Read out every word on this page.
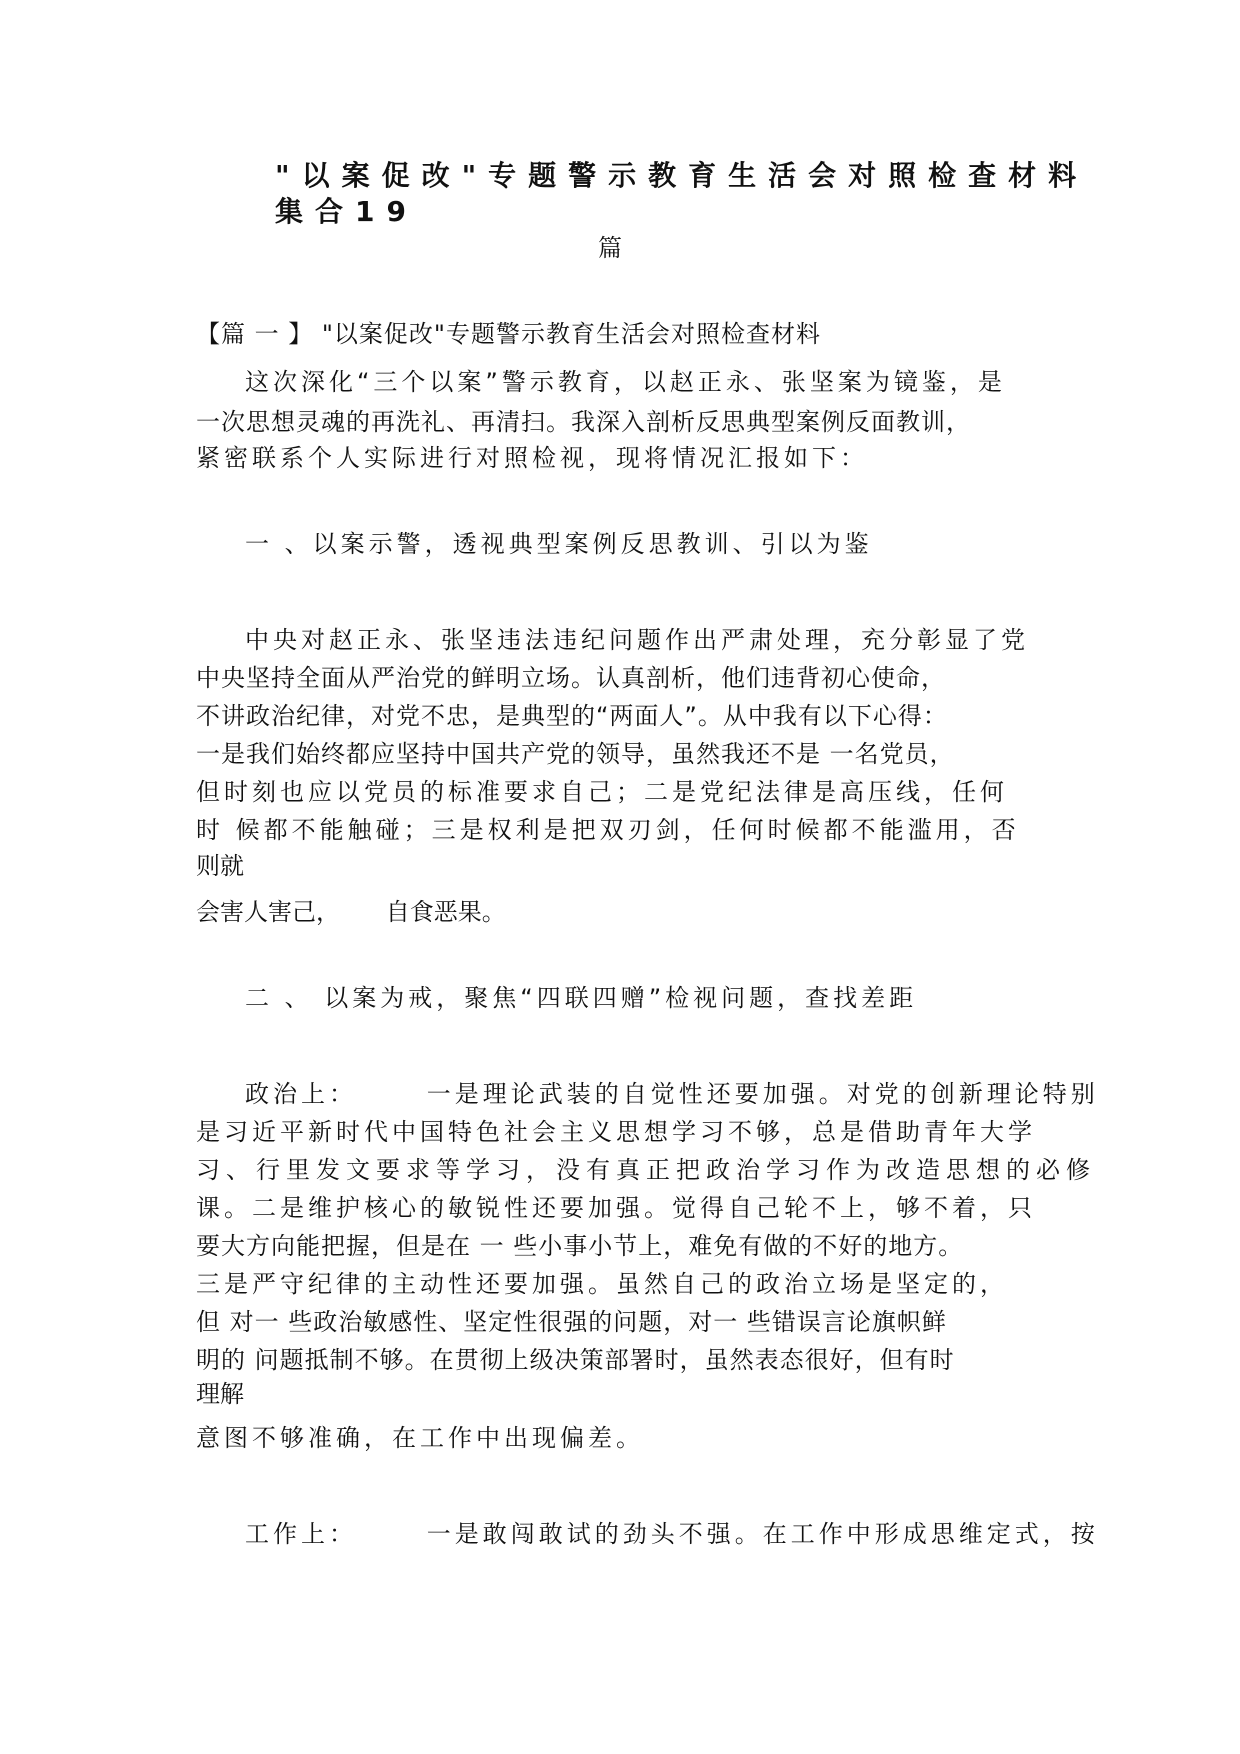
"以案促改"专题警示教育生活会对照检查材料
集合19

篇

【篇 一 】 "以案促改"专题警示教育生活会对照检查材料

这次深化“三个以案”警示教育，以赵正永、张坚案为镜鉴，是

一次思想灵魂的再洗礼、再清扫。我深入剖析反思典型案例反面教训，

紧密联系个人实际进行对照检视，现将情况汇报如下：

一 、以案示警，透视典型案例反思教训、引以为鉴

中央对赵正永、张坚违法违纪问题作出严肃处理，充分彰显了党

中央坚持全面从严治党的鲜明立场。认真剖析，他们违背初心使命，

不讲政治纪律，对党不忠，是典型的“两面人”。从中我有以下心得：

一是我们始终都应坚持中国共产党的领导，虽然我还不是 一名党员，

但时刻也应以党员的标准要求自己；二是党纪法律是高压线，任何

时 候都不能触碰；三是权利是把双刃剑，任何时候都不能滥用，否

则就

会害人害己，      自食恶果。

二 、 以案为戒，聚焦“四联四赠”检视问题，查找差距

政治上：      一是理论武装的自觉性还要加强。对党的创新理论特别

是习近平新时代中国特色社会主义思想学习不够，总是借助青年大学

习、行里发文要求等学习，没有真正把政治学习作为改造思想的必修

课。二是维护核心的敏锐性还要加强。觉得自己轮不上，够不着，只

要大方向能把握，但是在 一 些小事小节上，难免有做的不好的地方。

三是严守纪律的主动性还要加强。虽然自己的政治立场是坚定的，

但 对一 些政治敏感性、坚定性很强的问题，对一 些错误言论旗帜鲜

明的 问题抵制不够。在贯彻上级决策部署时，虽然表态很好，但有时

理解

意图不够准确，在工作中出现偏差。

工作上：      一是敢闯敢试的劲头不强。在工作中形成思维定式，按
